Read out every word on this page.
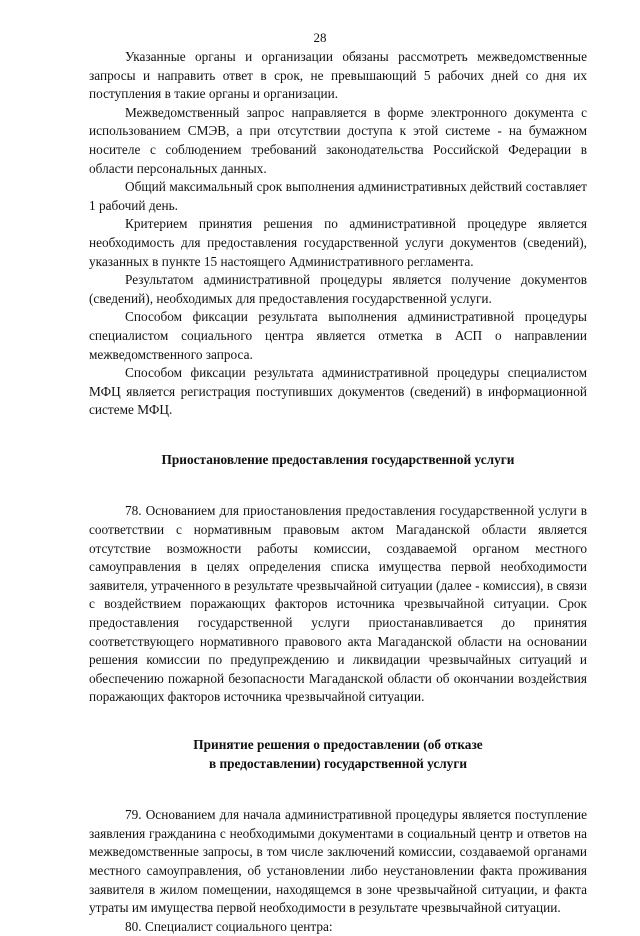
28

Указанные органы и организации обязаны рассмотреть межведомственные запросы и направить ответ в срок, не превышающий 5 рабочих дней со дня их поступления в такие органы и организации.

Межведомственный запрос направляется в форме электронного документа с использованием СМЭВ, а при отсутствии доступа к этой системе - на бумажном носителе с соблюдением требований законодательства Российской Федерации в области персональных данных.

Общий максимальный срок выполнения административных действий составляет 1 рабочий день.

Критерием принятия решения по административной процедуре является необходимость для предоставления государственной услуги документов (сведений), указанных в пункте 15 настоящего Административного регламента.

Результатом административной процедуры является получение документов (сведений), необходимых для предоставления государственной услуги.

Способом фиксации результата выполнения административной процедуры специалистом социального центра является отметка в АСП о направлении межведомственного запроса.

Способом фиксации результата административной процедуры специалистом МФЦ является регистрация поступивших документов (сведений) в информационной системе МФЦ.

Приостановление предоставления государственной услуги

78. Основанием для приостановления предоставления государственной услуги в соответствии с нормативным правовым актом Магаданской области является отсутствие возможности работы комиссии, создаваемой органом местного самоуправления в целях определения списка имущества первой необходимости заявителя, утраченного в результате чрезвычайной ситуации (далее - комиссия), в связи с воздействием поражающих факторов источника чрезвычайной ситуации. Срок предоставления государственной услуги приостанавливается до принятия соответствующего нормативного правового акта Магаданской области на основании решения комиссии по предупреждению и ликвидации чрезвычайных ситуаций и обеспечению пожарной безопасности Магаданской области об окончании воздействия поражающих факторов источника чрезвычайной ситуации.

Принятие решения о предоставлении (об отказе
в предоставлении) государственной услуги

79. Основанием для начала административной процедуры является поступление заявления гражданина с необходимыми документами в социальный центр и ответов на межведомственные запросы, в том числе заключений комиссии, создаваемой органами местного самоуправления, об установлении либо неустановлении факта проживания заявителя в жилом помещении, находящемся в зоне чрезвычайной ситуации, и факта утраты им имущества первой необходимости в результате чрезвычайной ситуации.

80. Специалист социального центра:
